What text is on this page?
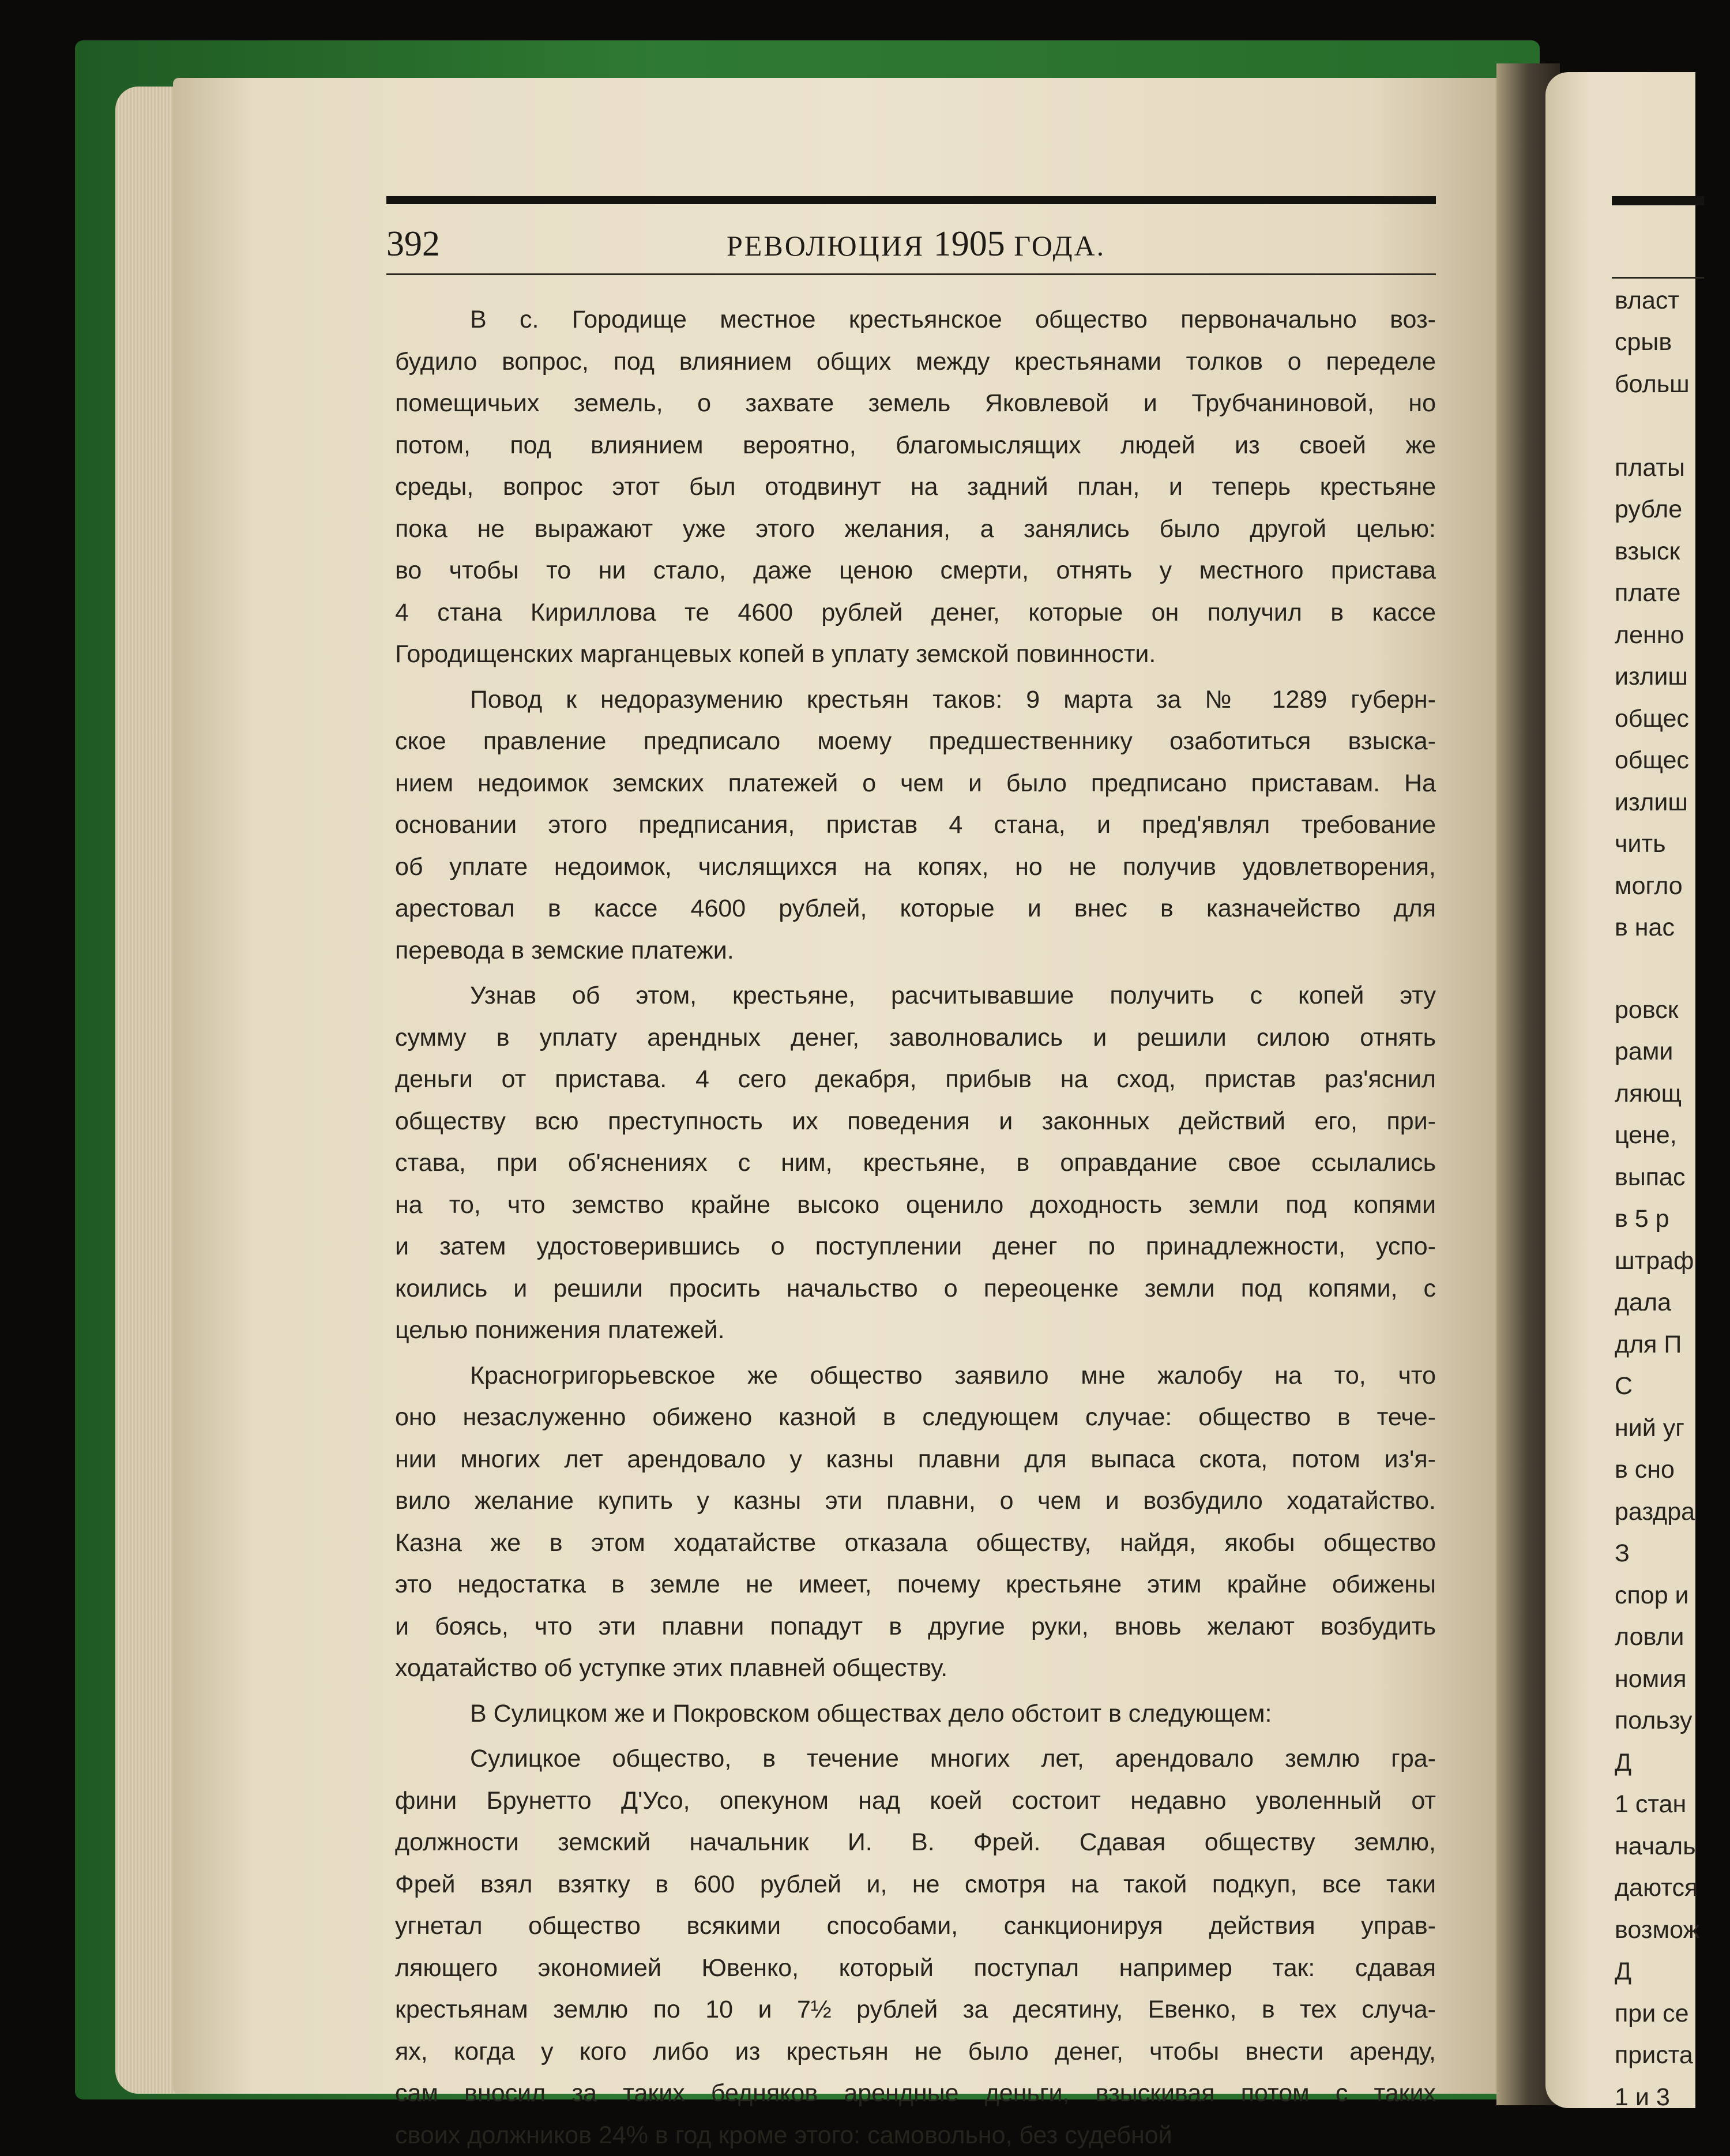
власт
срыв
больш
платы
рубле
взыск
плате
ленно
излиш
общес
общес
излиш
чить
могло
в нас
ровск
рами
ляющ
цене,
выпас
в 5 р
штраф
дала
для П
С
ний уг
в сно
раздра
З
спор и
ловли
номия
пользу
Д
1 стан
началь
даются
возмож
Д
при се
приста
1 и 3
392	РЕВОЛЮЦИЯ 1905 ГОДА.

В с. Городище местное крестьянское общество первоначально воз-

будило вопрос, под влиянием общих между крестьянами толков о переделе

помещичьих земель, о захвате земель Яковлевой и Трубчаниновой, но

потом, под влиянием вероятно, благомыслящих людей из своей же

среды, вопрос этот был отодвинут на задний план, и теперь крестьяне

пока не выражают уже этого желания, а занялись было другой целью:

во чтобы то ни стало, даже ценою смерти, отнять у местного пристава

4 стана Кириллова те 4600 рублей денег, которые он получил в кассе

Городищенских марганцевых копей в уплату земской повинности.

Повод к недоразумению крестьян таков: 9 марта за № 1289 губерн-

ское правление предписало моему предшественнику озаботиться взыска-

нием недоимок земских платежей о чем и было предписано приставам. На

основании этого предписания, пристав 4 стана, и пред'являл требование

об уплате недоимок, числящихся на копях, но не получив удовлетворения,

арестовал в кассе 4600 рублей, которые и внес в казначейство для

перевода в земские платежи.

Узнав об этом, крестьяне, расчитывавшие получить с копей эту

сумму в уплату арендных денег, заволновались и решили силою отнять

деньги от пристава. 4 сего декабря, прибыв на сход, пристав раз'яснил

обществу всю преступность их поведения и законных действий его, при-

става, при об'яснениях с ним, крестьяне, в оправдание свое ссылались

на то, что земство крайне высоко оценило доходность земли под копями

и затем удостоверившись о поступлении денег по принадлежности, успо-

коились и решили просить начальство о переоценке земли под копями, с

целью понижения платежей.

Красногригорьевское же общество заявило мне жалобу на то, что

оно незаслуженно обижено казной в следующем случае: общество в тече-

нии многих лет арендовало у казны плавни для выпаса скота, потом из'я-

вило желание купить у казны эти плавни, о чем и возбудило ходатайство.

Казна же в этом ходатайстве отказала обществу, найдя, якобы общество

это недостатка в земле не имеет, почему крестьяне этим крайне обижены

и боясь, что эти плавни попадут в другие руки, вновь желают возбудить

ходатайство об уступке этих плавней обществу.

В Сулицком же и Покровском обществах дело обстоит в следующем:

Сулицкое общество, в течение многих лет, арендовало землю гра-

фини Брунетто Д'Усо, опекуном над коей состоит недавно уволенный от

должности земский начальник И. В. Фрей. Сдавая обществу землю,

Фрей взял взятку в 600 рублей и, не смотря на такой подкуп, все таки

угнетал общество всякими способами, санкционируя действия управ-

ляющего экономией Ювенко, который поступал например так: сдавая

крестьянам землю по 10 и 7½ рублей за десятину, Евенко, в тех случа-

ях, когда у кого либо из крестьян не было денег, чтобы внести аренду,

сам вносил за таких бедняков арендные деньги, взыскивая потом с таких

своих должников 24% в год кроме этого: самовольно, без судебной
